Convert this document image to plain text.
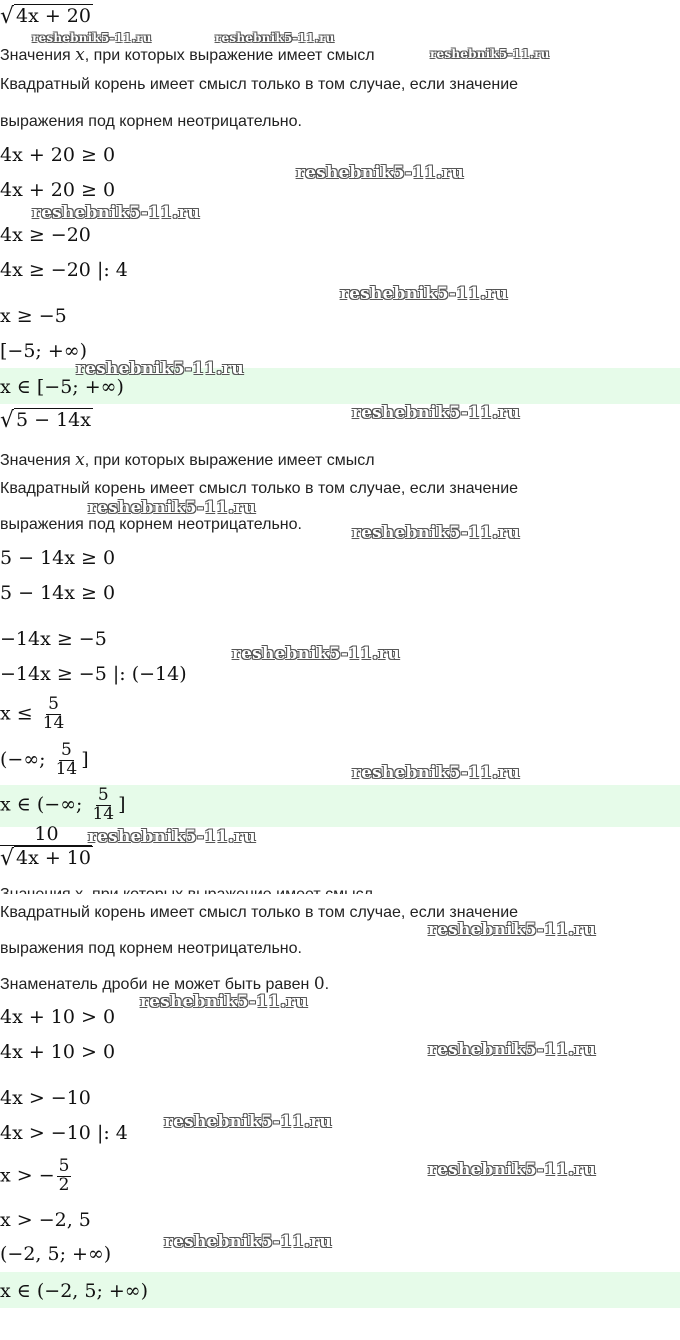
√ 4x + 20
Значения x, при которых выражение имеет смысл
Квадратный корень имеет смысл только в том случае, если значение
выражения под корнем неотрицательно.
4x + 20 ≥ 0
4x + 20 ≥ 0
4x ≥ −20
4x ≥ −20 |: 4
x ≥ −5
[−5; +∞)
x ∈ [−5; +∞)
√ 5 − 14x
Значения x, при которых выражение имеет смысл
Квадратный корень имеет смысл только в том случае, если значение
выражения под корнем неотрицательно.
5 − 14x ≥ 0
5 − 14x ≥ 0
−14x ≥ −5
−14x ≥ −5 |: (−14)
$x \le \frac{5}{14}$
(−∞; $\frac{5}{14}$ ]
x ∈ (−∞; $\frac{5}{14}$ ]
10
√ 4x + 10
Квадратный корень имеет смысл только в том случае, если значение
выражения под корнем неотрицательно.
Знаменатель дроби не может быть равен 0.
4x + 10 > 0
4x + 10 > 0
4x > −10
4x > −10 |: 4
x > − $\frac{5}{2}$
x > −2, 5
(−2, 5; +∞)
x ∈ (−2, 5; +∞)
reshebnik5-11.ru	reshebnik5-11.ru
reshebnik5-11.ru
reshebnik5-11.ru
reshebnik5-11.ru
reshebnik5-11.ru
reshebnik5-11.ru
reshebnik5-11.ru
reshebnik5-11.ru
reshebnik5-11.ru
reshebnik5-11.ru
reshebnik5-11.ru
reshebnik5-11.ru
reshebnik5-11.ru
reshebnik5-11.ru
reshebnik5-11.ru
reshebnik5-11.ru
reshebnik5-11.ru
reshebnik5-11.ru
